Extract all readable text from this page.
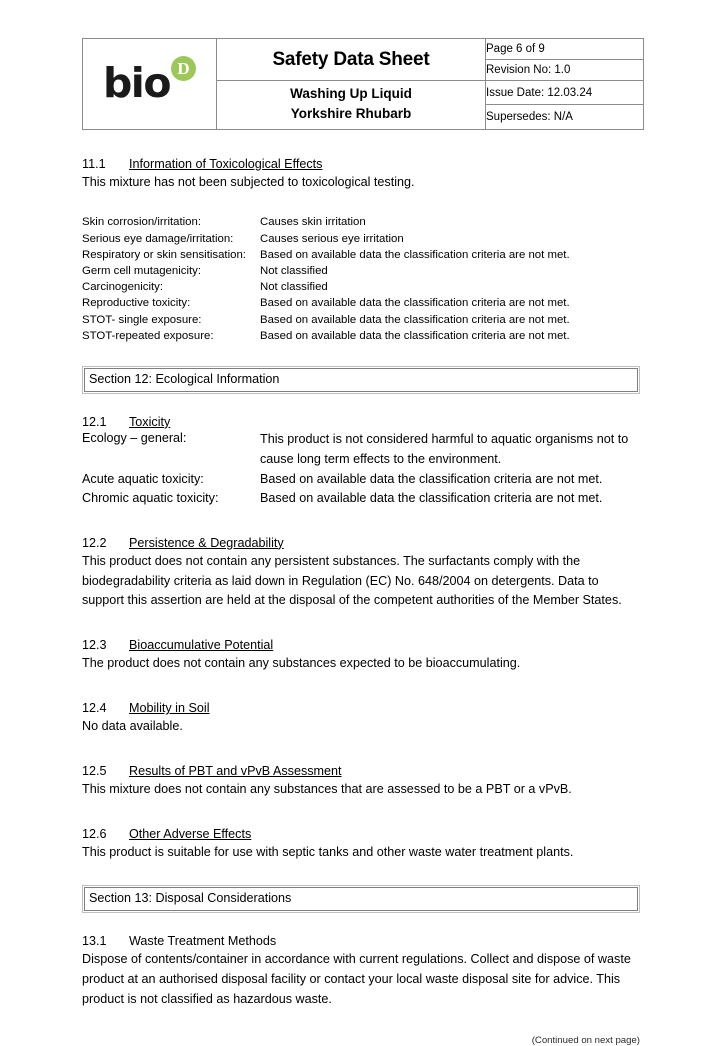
bio D	Safety Data Sheet	Page 6 of 9
		Revision No: 1.0

	Washing Up Liquid
Yorkshire Rhubarb	Issue Date: 12.03.24
		Supersedes: N/A
11.1 Information of Toxicological Effects
This mixture has not been subjected to toxicological testing.
Skin corrosion/irritation:	Causes skin irritation
Serious eye damage/irritation:	Causes serious eye irritation
Respiratory or skin sensitisation:	Based on available data the classification criteria are not met.
Germ cell mutagenicity:	Not classified
Carcinogenicity:	Not classified
Reproductive toxicity:	Based on available data the classification criteria are not met.
STOT- single exposure:	Based on available data the classification criteria are not met.
STOT-repeated exposure:	Based on available data the classification criteria are not met.
Section 12: Ecological Information
12.1 Toxicity
Ecology – general:	This product is not considered harmful to aquatic organisms not to cause long term effects to the environment.
Acute aquatic toxicity:	Based on available data the classification criteria are not met.
Chromic aquatic toxicity:	Based on available data the classification criteria are not met.
12.2 Persistence & Degradability
This product does not contain any persistent substances. The surfactants comply with the biodegradability criteria as laid down in Regulation (EC) No. 648/2004 on detergents. Data to support this assertion are held at the disposal of the competent authorities of the Member States.
12.3 Bioaccumulative Potential
The product does not contain any substances expected to be bioaccumulating.
12.4 Mobility in Soil
No data available.
12.5 Results of PBT and vPvB Assessment
This mixture does not contain any substances that are assessed to be a PBT or a vPvB.
12.6 Other Adverse Effects
This product is suitable for use with septic tanks and other waste water treatment plants.
Section 13: Disposal Considerations
13.1 Waste Treatment Methods
Dispose of contents/container in accordance with current regulations. Collect and dispose of waste product at an authorised disposal facility or contact your local waste disposal site for advice. This product is not classified as hazardous waste.
(Continued on next page)
